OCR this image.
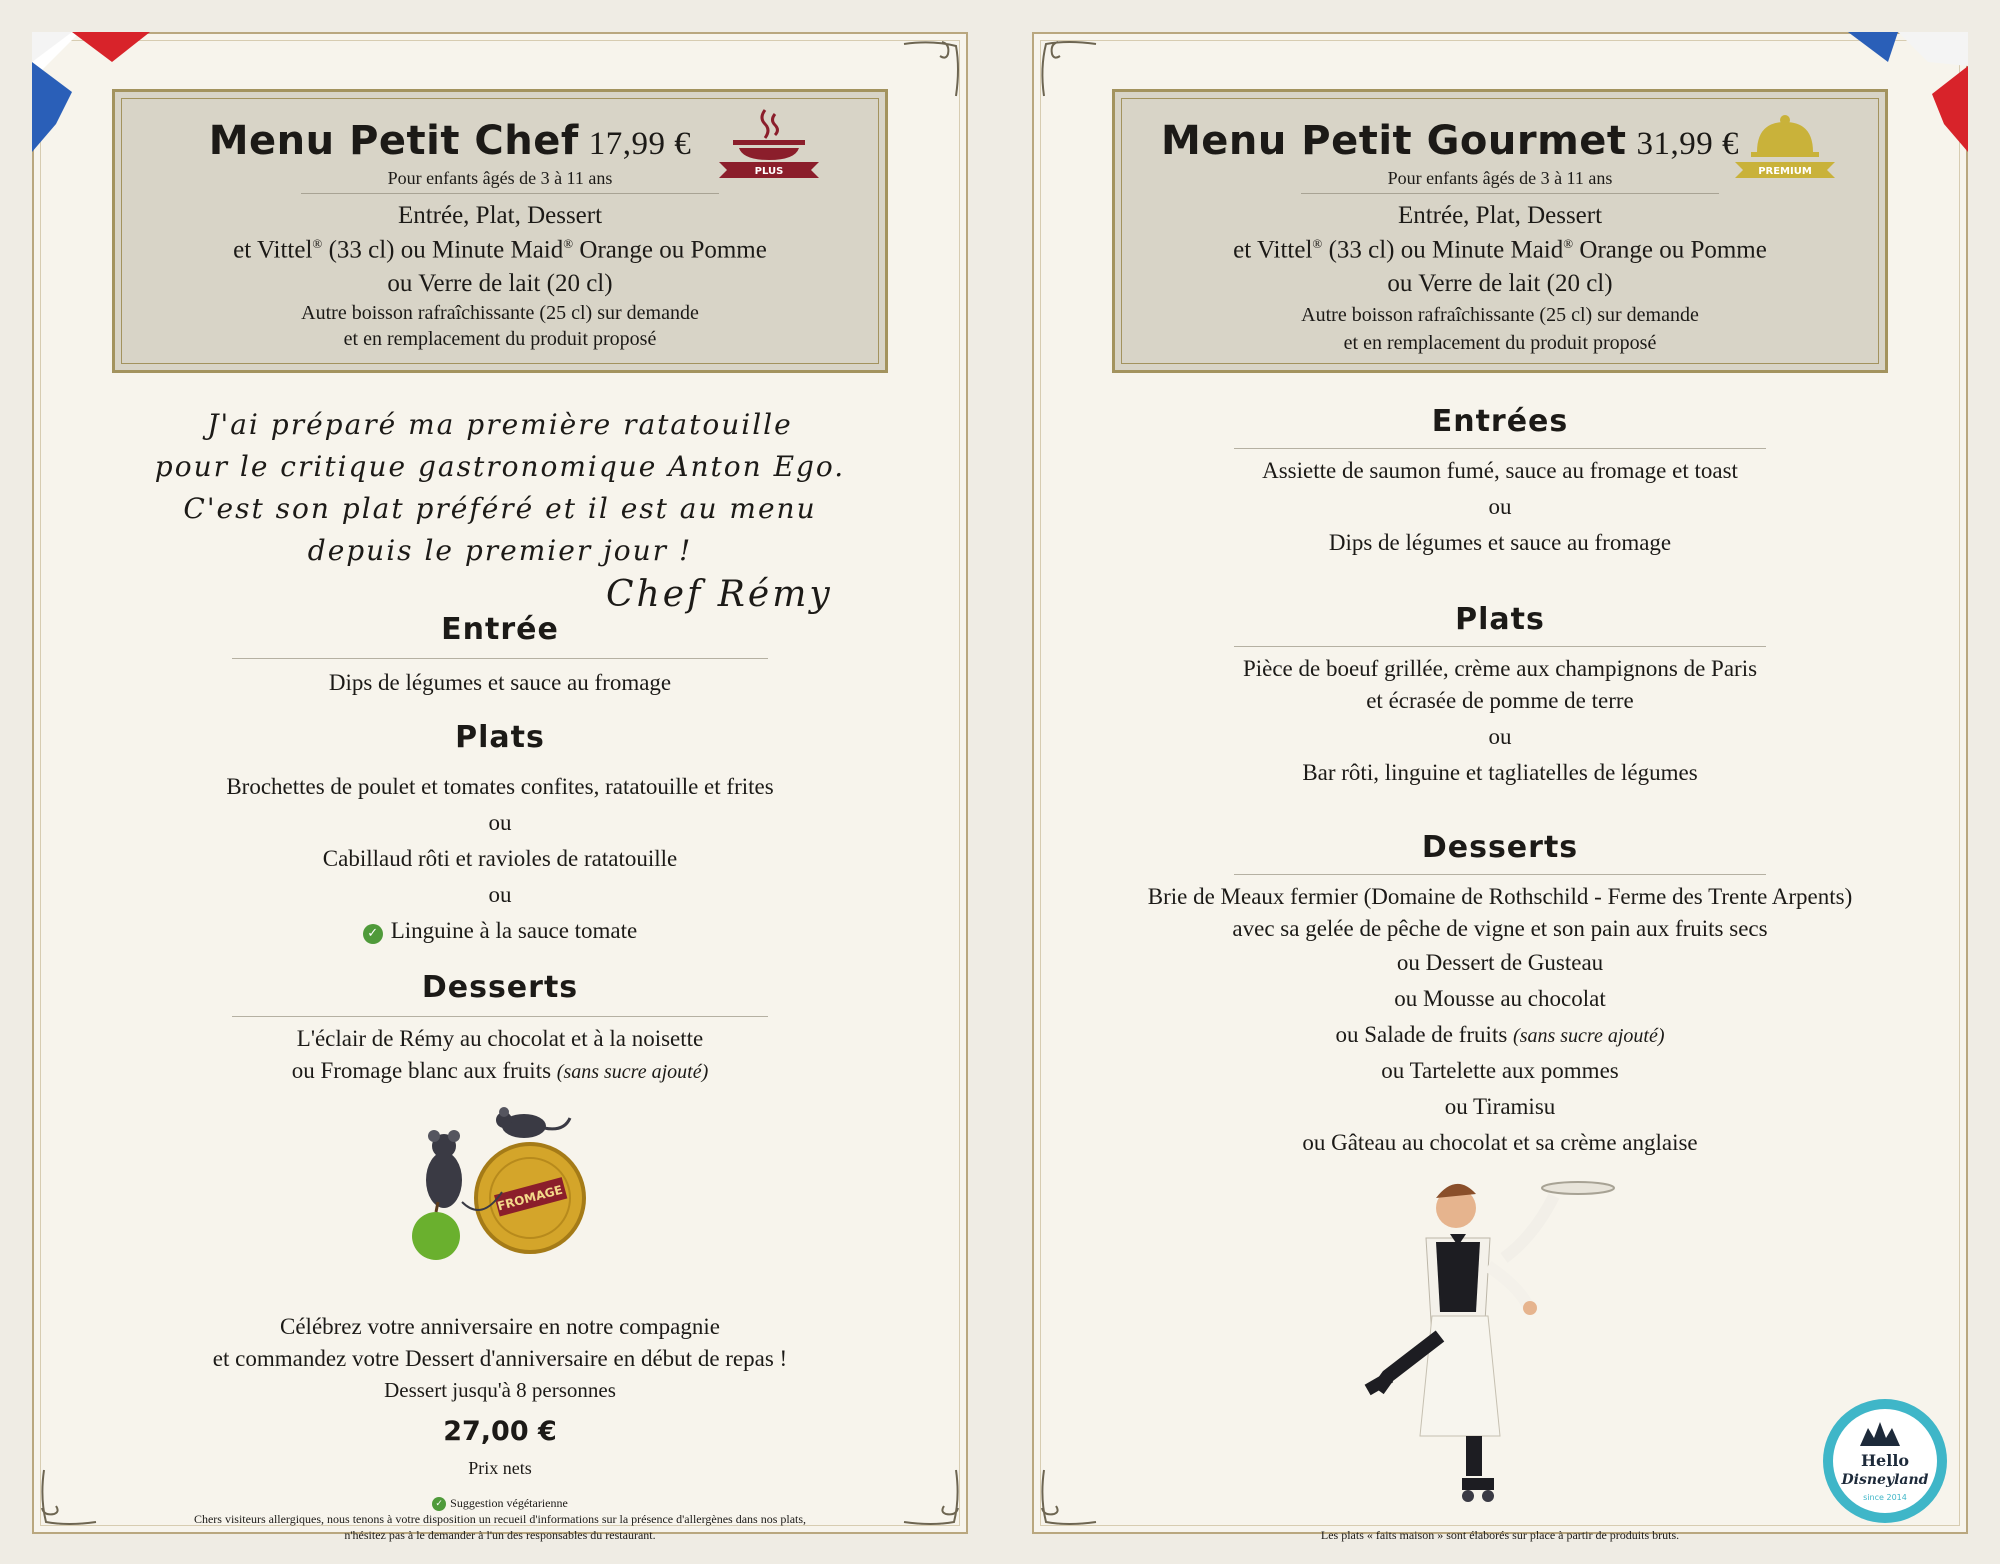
Menu Petit Chef 17,99 €
PLUS
Pour enfants âgés de 3 à 11 ans
Entrée, Plat, Dessert
et Vittel® (33 cl) ou Minute Maid® Orange ou Pomme
ou Verre de lait (20 cl)
Autre boisson rafraîchissante (25 cl) sur demande
et en remplacement du produit proposé
J'ai préparé ma première ratatouille
pour le critique gastronomique Anton Ego.
C'est son plat préféré et il est au menu
depuis le premier jour !
Chef Rémy
Entrée
Dips de légumes et sauce au fromage
Plats
Brochettes de poulet et tomates confites, ratatouille et frites
ou
Cabillaud rôti et ravioles de ratatouille
ou
✓ Linguine à la sauce tomate
Desserts
L'éclair de Rémy au chocolat et à la noisette
ou Fromage blanc aux fruits (sans sucre ajouté)
FROMAGE
Célébrez votre anniversaire en notre compagnie
et commandez votre Dessert d'anniversaire en début de repas !
Dessert jusqu'à 8 personnes
27,00 €
Prix nets
✓ Suggestion végétarienne
Chers visiteurs allergiques, nous tenons à votre disposition un recueil d'informations sur la présence d'allergènes dans nos plats,
n'hésitez pas à le demander à l'un des responsables du restaurant.
Menu Petit Gourmet 31,99 €
PREMIUM
Pour enfants âgés de 3 à 11 ans
Entrée, Plat, Dessert
et Vittel® (33 cl) ou Minute Maid® Orange ou Pomme
ou Verre de lait (20 cl)
Autre boisson rafraîchissante (25 cl) sur demande
et en remplacement du produit proposé
Entrées
Assiette de saumon fumé, sauce au fromage et toast
ou
Dips de légumes et sauce au fromage
Plats
Pièce de boeuf grillée, crème aux champignons de Paris
et écrasée de pomme de terre
ou
Bar rôti, linguine et tagliatelles de légumes
Desserts
Brie de Meaux fermier (Domaine de Rothschild - Ferme des Trente Arpents)
avec sa gelée de pêche de vigne et son pain aux fruits secs
ou Dessert de Gusteau
ou Mousse au chocolat
ou Salade de fruits (sans sucre ajouté)
ou Tartelette aux pommes
ou Tiramisu
ou Gâteau au chocolat et sa crème anglaise
Les plats « faits maison » sont élaborés sur place à partir de produits bruts.
Hello
Disneyland
since 2014
